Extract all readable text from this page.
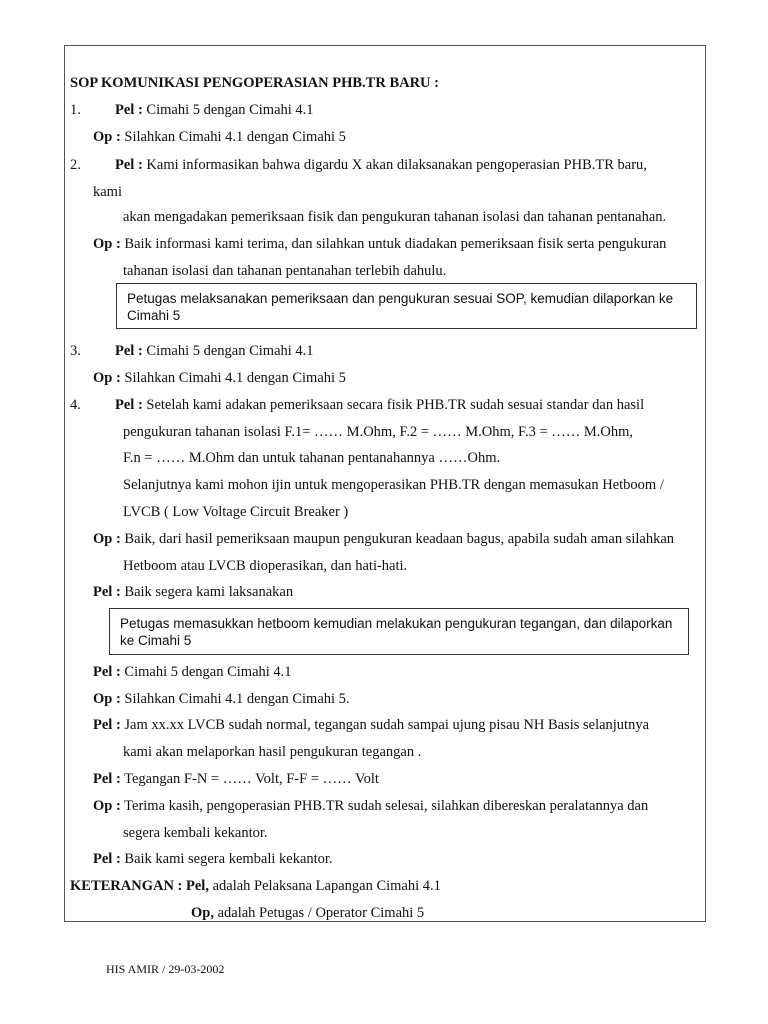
SOP KOMUNIKASI PENGOPERASIAN PHB.TR BARU :
1. Pel : Cimahi 5 dengan Cimahi 4.1
Op : Silahkan Cimahi 4.1 dengan Cimahi 5
2. Pel : Kami informasikan bahwa digardu X akan dilaksanakan pengoperasian PHB.TR baru,
kami
akan mengadakan pemeriksaan fisik dan pengukuran tahanan isolasi dan tahanan pentanahan.
Op : Baik informasi kami terima, dan silahkan untuk diadakan pemeriksaan fisik serta pengukuran
tahanan isolasi dan tahanan pentanahan terlebih dahulu.
Petugas melaksanakan pemeriksaan dan pengukuran sesuai SOP, kemudian dilaporkan ke
Cimahi 5
3. Pel : Cimahi 5 dengan Cimahi 4.1
Op : Silahkan Cimahi 4.1 dengan Cimahi 5
4. Pel : Setelah kami adakan pemeriksaan secara fisik PHB.TR sudah sesuai standar dan hasil
pengukuran tahanan isolasi F.1= …… M.Ohm, F.2 = …… M.Ohm, F.3 = …… M.Ohm,
F.n = …… M.Ohm dan untuk tahanan pentanahannya ……Ohm.
Selanjutnya kami mohon ijin untuk mengoperasikan PHB.TR dengan memasukan Hetboom /
LVCB ( Low Voltage Circuit Breaker )
Op : Baik, dari hasil pemeriksaan maupun pengukuran keadaan bagus, apabila sudah aman silahkan
Hetboom atau LVCB dioperasikan, dan hati-hati.
Pel : Baik segera kami laksanakan
Petugas memasukkan hetboom kemudian melakukan pengukuran tegangan, dan dilaporkan
ke Cimahi 5
Pel : Cimahi 5 dengan Cimahi 4.1
Op : Silahkan Cimahi 4.1 dengan Cimahi 5.
Pel : Jam xx.xx LVCB sudah normal, tegangan sudah sampai ujung pisau NH Basis selanjutnya
kami akan melaporkan hasil pengukuran tegangan .
Pel : Tegangan F-N = …… Volt, F-F = …… Volt
Op : Terima kasih, pengoperasian PHB.TR sudah selesai, silahkan dibereskan peralatannya dan
segera kembali kekantor.
Pel : Baik kami segera kembali kekantor.
KETERANGAN : Pel, adalah Pelaksana Lapangan Cimahi 4.1
Op, adalah Petugas / Operator Cimahi 5
HIS AMIR / 29-03-2002
